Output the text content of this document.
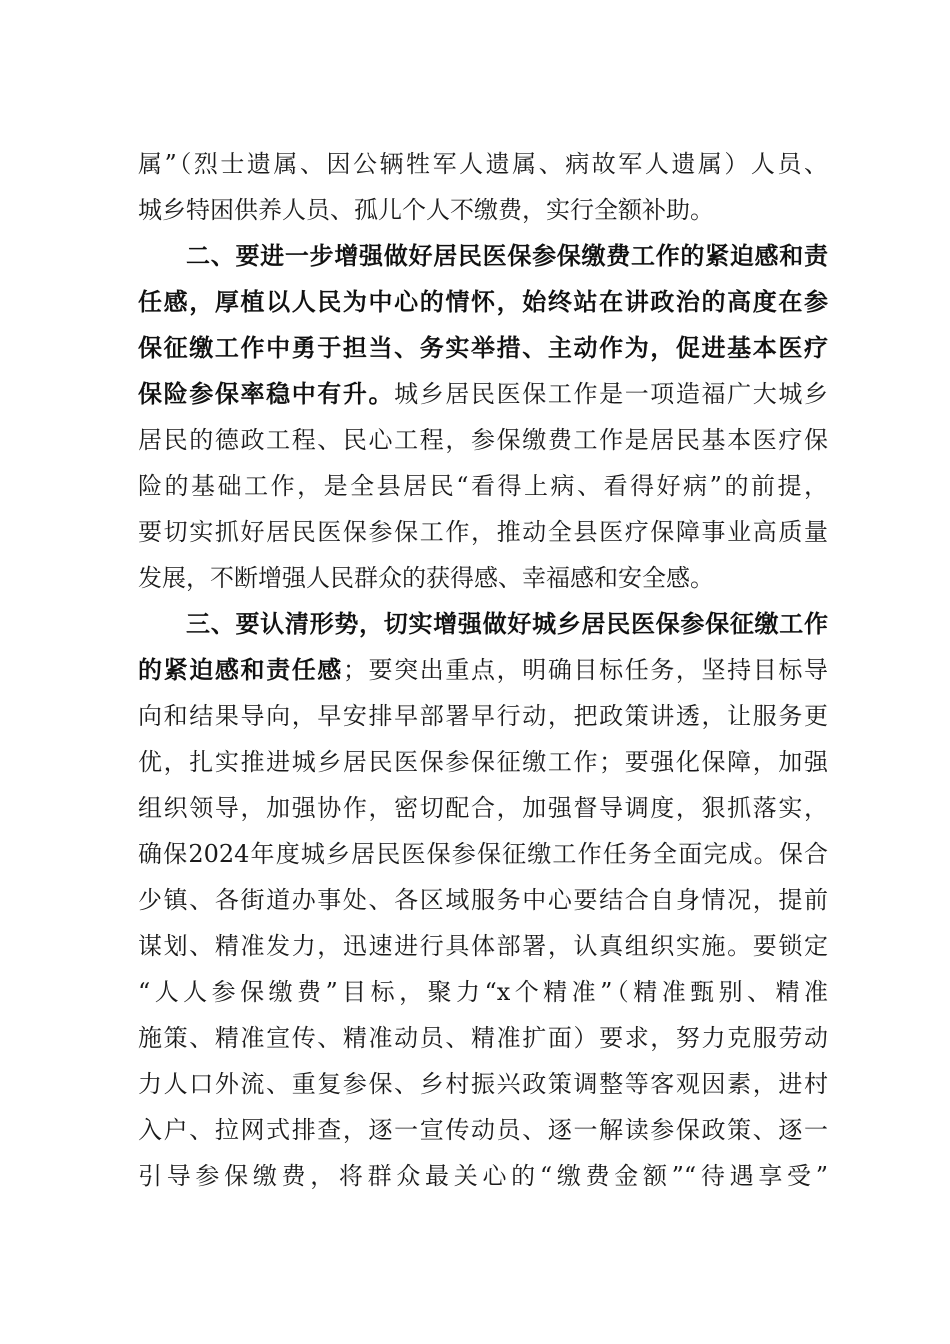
属”（烈士遗属、因公辆牲军人遗属、病故军人遗属）人员、
城乡特困供养人员、孤儿个人不缴费，实行全额补助。
二、要进一步增强做好居民医保参保缴费工作的紧迫感和责
任感，厚植以人民为中心的情怀，始终站在讲政治的高度在参
保征缴工作中勇于担当、务实举措、主动作为，促进基本医疗
保险参保率稳中有升。城乡居民医保工作是一项造福广大城乡
居民的德政工程、民心工程，参保缴费工作是居民基本医疗保
险的基础工作，是全县居民“看得上病、看得好病”的前提，
要切实抓好居民医保参保工作，推动全县医疗保障事业高质量
发展，不断增强人民群众的获得感、幸福感和安全感。
三、要认清形势，切实增强做好城乡居民医保参保征缴工作
的紧迫感和责任感；要突出重点，明确目标任务，坚持目标导
向和结果导向，早安排早部署早行动，把政策讲透，让服务更
优，扎实推进城乡居民医保参保征缴工作；要强化保障，加强
组织领导，加强协作，密切配合，加强督导调度，狠抓落实，
确保2024年度城乡居民医保参保征缴工作任务全面完成。保合
少镇、各街道办事处、各区域服务中心要结合自身情况，提前
谋划、精准发力，迅速进行具体部署，认真组织实施。要锁定
“人人参保缴费”目标，聚力“x个精准”（精准甄别、精准
施策、精准宣传、精准动员、精准扩面）要求，努力克服劳动
力人口外流、重复参保、乡村振兴政策调整等客观因素，进村
入户、拉网式排查，逐一宣传动员、逐一解读参保政策、逐一
引导参保缴费，将群众最关心的“缴费金额”“待遇享受”
